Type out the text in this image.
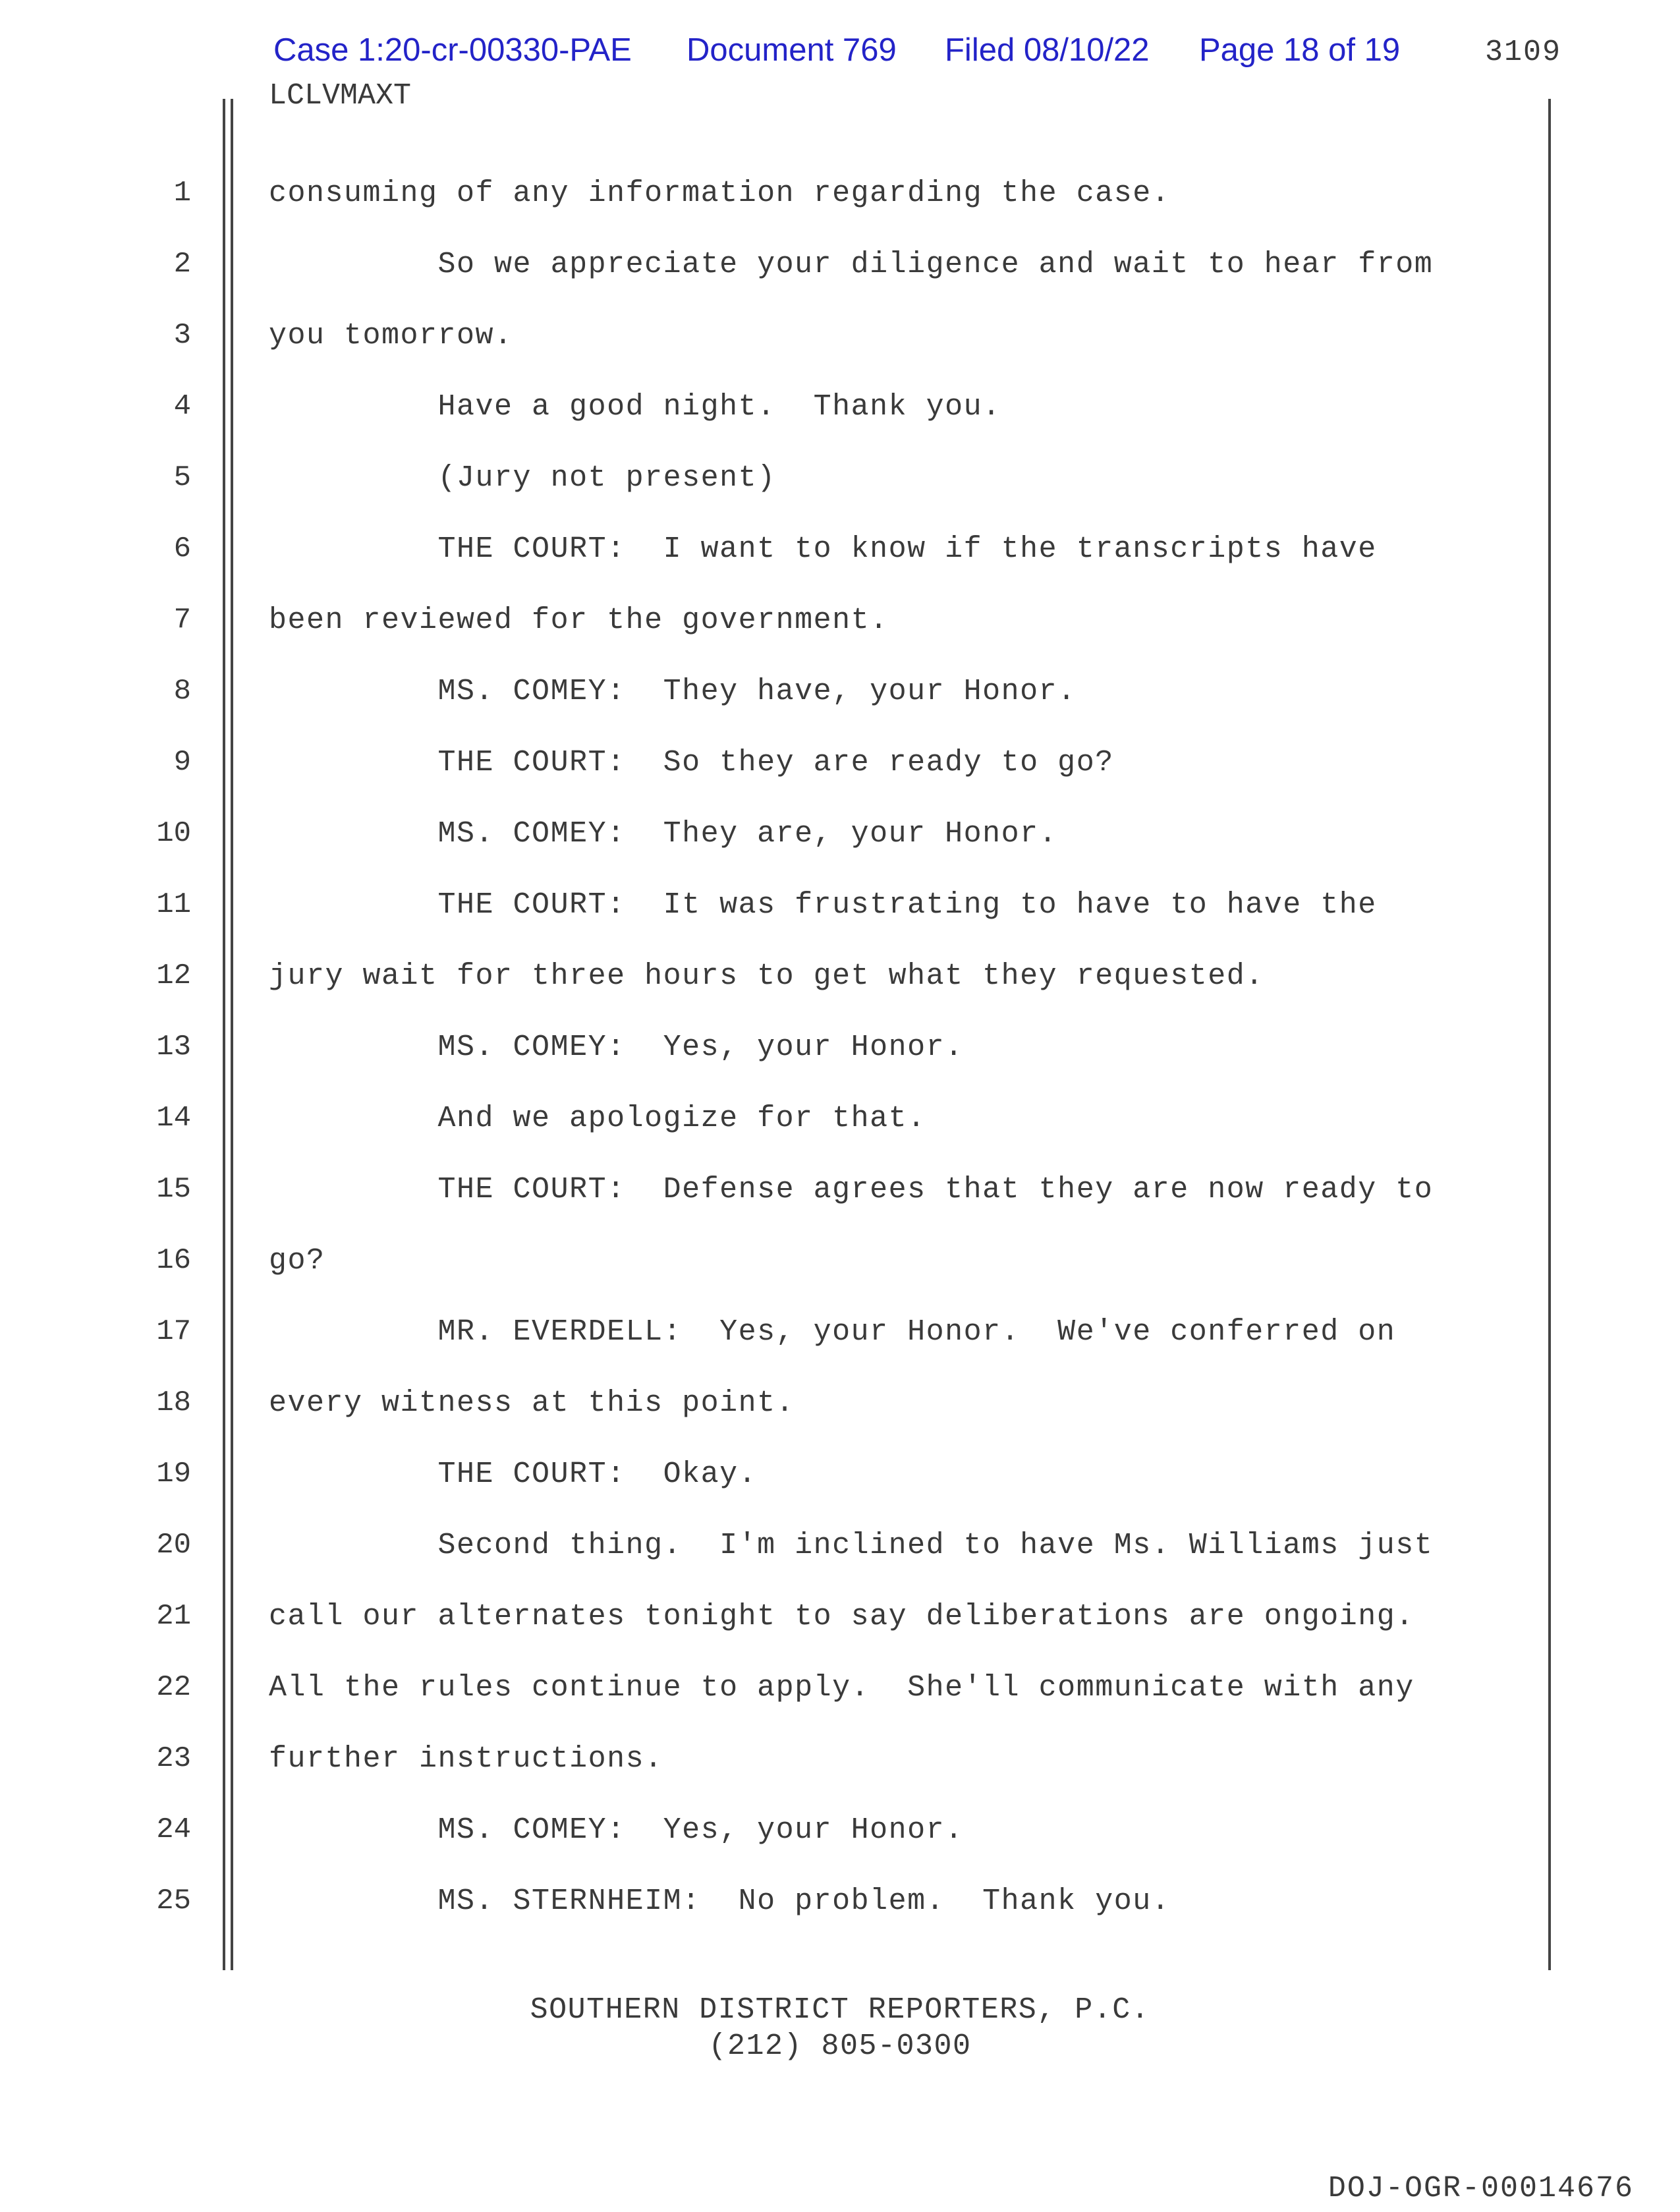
Case 1:20-cr-00330-PAE Document 769 Filed 08/10/22 Page 18 of 19	3109
LCLVMAXT
1	consuming of any information regarding the case.
2	So we appreciate your diligence and wait to hear from
3	you tomorrow.
4	Have a good night.  Thank you.
5	(Jury not present)
6	THE COURT:  I want to know if the transcripts have
7	been reviewed for the government.
8	MS. COMEY:  They have, your Honor.
9	THE COURT:  So they are ready to go?
10	MS. COMEY:  They are, your Honor.
11	THE COURT:  It was frustrating to have to have the
12	jury wait for three hours to get what they requested.
13	MS. COMEY:  Yes, your Honor.
14	And we apologize for that.
15	THE COURT:  Defense agrees that they are now ready to
16	go?
17	MR. EVERDELL:  Yes, your Honor.  We've conferred on
18	every witness at this point.
19	THE COURT:  Okay.
20	Second thing.  I'm inclined to have Ms. Williams just
21	call our alternates tonight to say deliberations are ongoing.
22	All the rules continue to apply.  She'll communicate with any
23	further instructions.
24	MS. COMEY:  Yes, your Honor.
25	MS. STERNHEIM:  No problem.  Thank you.
SOUTHERN DISTRICT REPORTERS, P.C.
(212) 805-0300
DOJ-OGR-00014676
